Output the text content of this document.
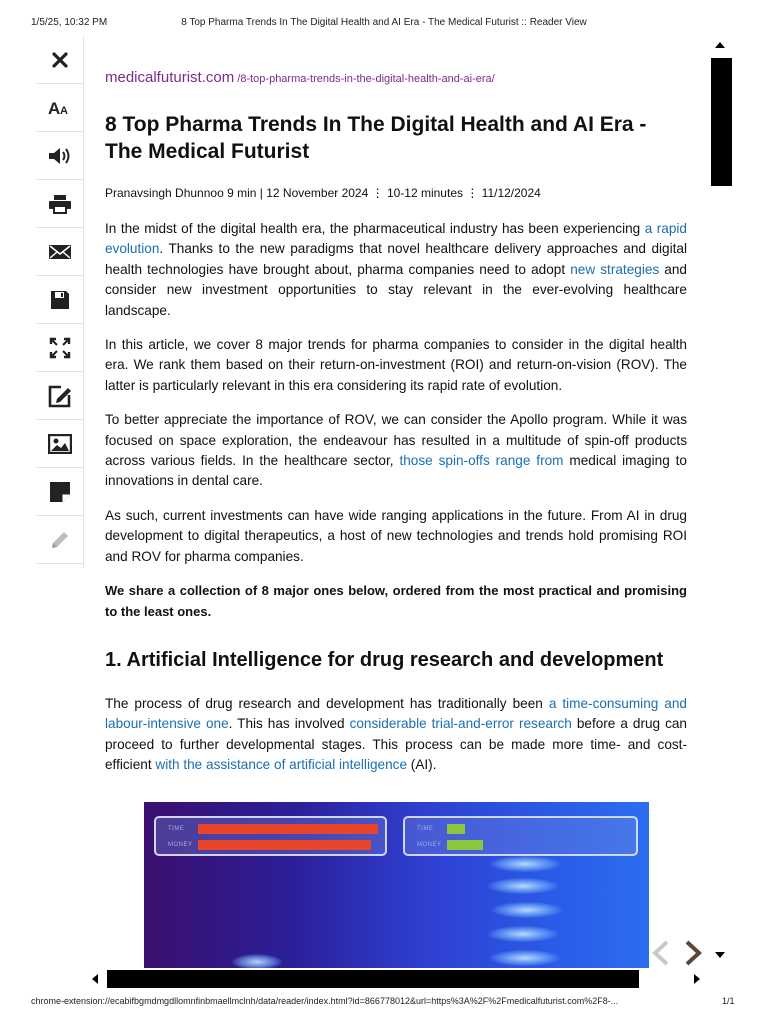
1/5/25, 10:32 PM	8 Top Pharma Trends In The Digital Health and AI Era - The Medical Futurist :: Reader View
A A
medicalfuturist.com /8-top-pharma-trends-in-the-digital-health-and-ai-era/
8 Top Pharma Trends In The Digital Health and AI Era - The Medical Futurist
Pranavsingh Dhunnoo 9 min | 12 November 2024 ⋮ 10-12 minutes ⋮ 11/12/2024

In the midst of the digital health era, the pharmaceutical industry has been experiencing a rapid evolution. Thanks to the new paradigms that novel healthcare delivery approaches and digital health technologies have brought about, pharma companies need to adopt new strategies and consider new investment opportunities to stay relevant in the ever-evolving healthcare landscape.

In this article, we cover 8 major trends for pharma companies to consider in the digital health era. We rank them based on their return-on-investment (ROI) and return-on-vision (ROV). The latter is particularly relevant in this era considering its rapid rate of evolution.

To better appreciate the importance of ROV, we can consider the Apollo program. While it was focused on space exploration, the endeavour has resulted in a multitude of spin-off products across various fields. In the healthcare sector, those spin-offs range from medical imaging to innovations in dental care.

As such, current investments can have wide ranging applications in the future. From AI in drug development to digital therapeutics, a host of new technologies and trends hold promising ROI and ROV for pharma companies.

We share a collection of 8 major ones below, ordered from the most practical and promising to the least ones.

1. Artificial Intelligence for drug research and development

The process of drug research and development has traditionally been a time-consuming and labour-intensive one. This has involved considerable trial-and-error research before a drug can proceed to further developmental stages. This process can be made more time- and cost-efficient with the assistance of artificial intelligence (AI).

TIME
MONEY
TIME
MONEY
chrome-extension://ecabifbgmdmgdllomnfinbmaellmclnh/data/reader/index.html?id=866778012&url=https%3A%2F%2Fmedicalfuturist.com%2F8-...	1/1
